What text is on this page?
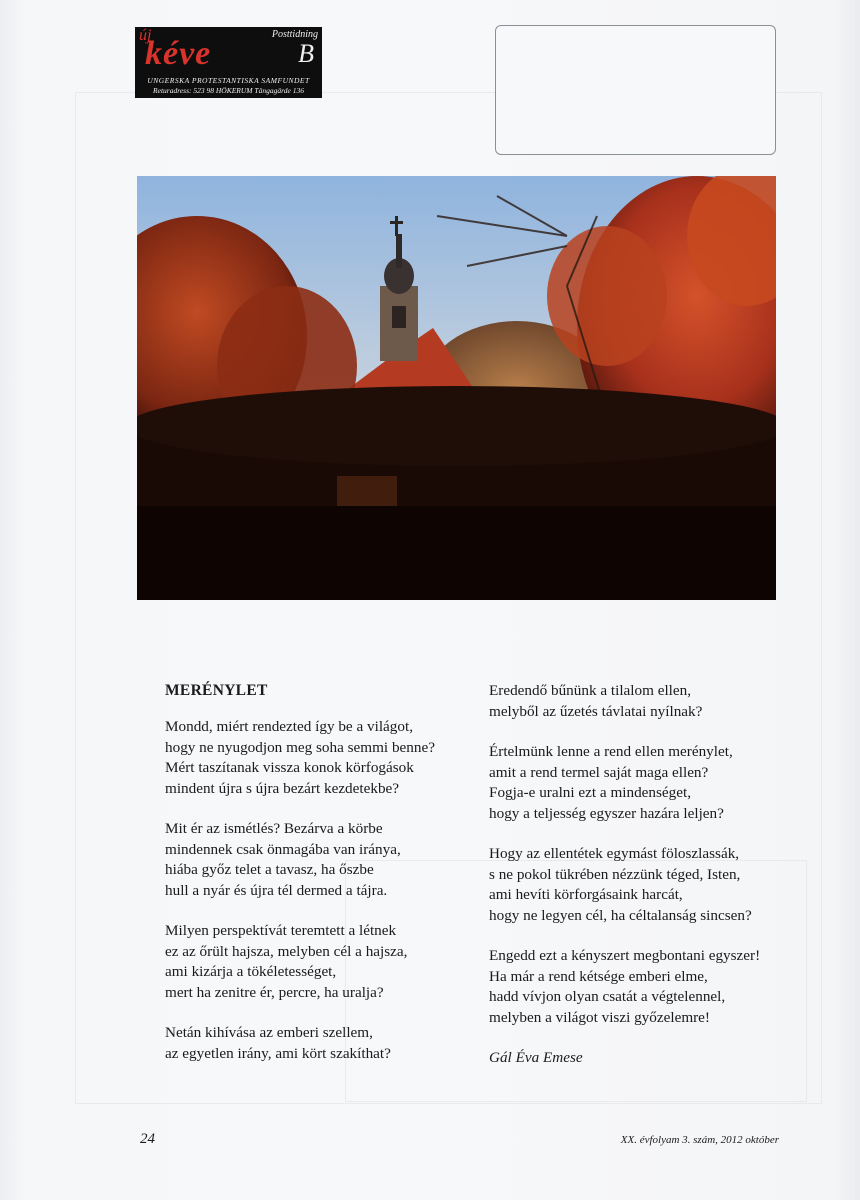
új
kéve
Posttidning
B
UNGERSKA PROTESTANTISKA SAMFUNDET
Returadress: 523 98 HÖKERUM Tängagärde 136
MERÉNYLET
Mondd, miért rendezted így be a világot,
hogy ne nyugodjon meg soha semmi benne?
Mért taszítanak vissza konok körfogások
mindent újra s újra bezárt kezdetekbe?
Mit ér az ismétlés? Bezárva a körbe
mindennek csak önmagába van iránya,
hiába győz telet a tavasz, ha őszbe
hull a nyár és újra tél dermed a tájra.
Milyen perspektívát teremtett a létnek
ez az őrült hajsza, melyben cél a hajsza,
ami kizárja a tökéletességet,
mert ha zenitre ér, percre, ha uralja?
Netán kihívása az emberi szellem,
az egyetlen irány, ami kört szakíthat?
Eredendő bűnünk a tilalom ellen,
melyből az űzetés távlatai nyílnak?
Értelmünk lenne a rend ellen merénylet,
amit a rend termel saját maga ellen?
Fogja-e uralni ezt a mindenséget,
hogy a teljesség egyszer hazára leljen?
Hogy az ellentétek egymást föloszlassák,
s ne pokol tükrében nézzünk téged, Isten,
ami hevíti körforgásaink harcát,
hogy ne legyen cél, ha céltalanság sincsen?
Engedd ezt a kényszert megbontani egyszer!
Ha már a rend kétsége emberi elme,
hadd vívjon olyan csatát a végtelennel,
melyben a világot viszi győzelemre!
Gál Éva Emese
24	XX. évfolyam 3. szám, 2012 október
